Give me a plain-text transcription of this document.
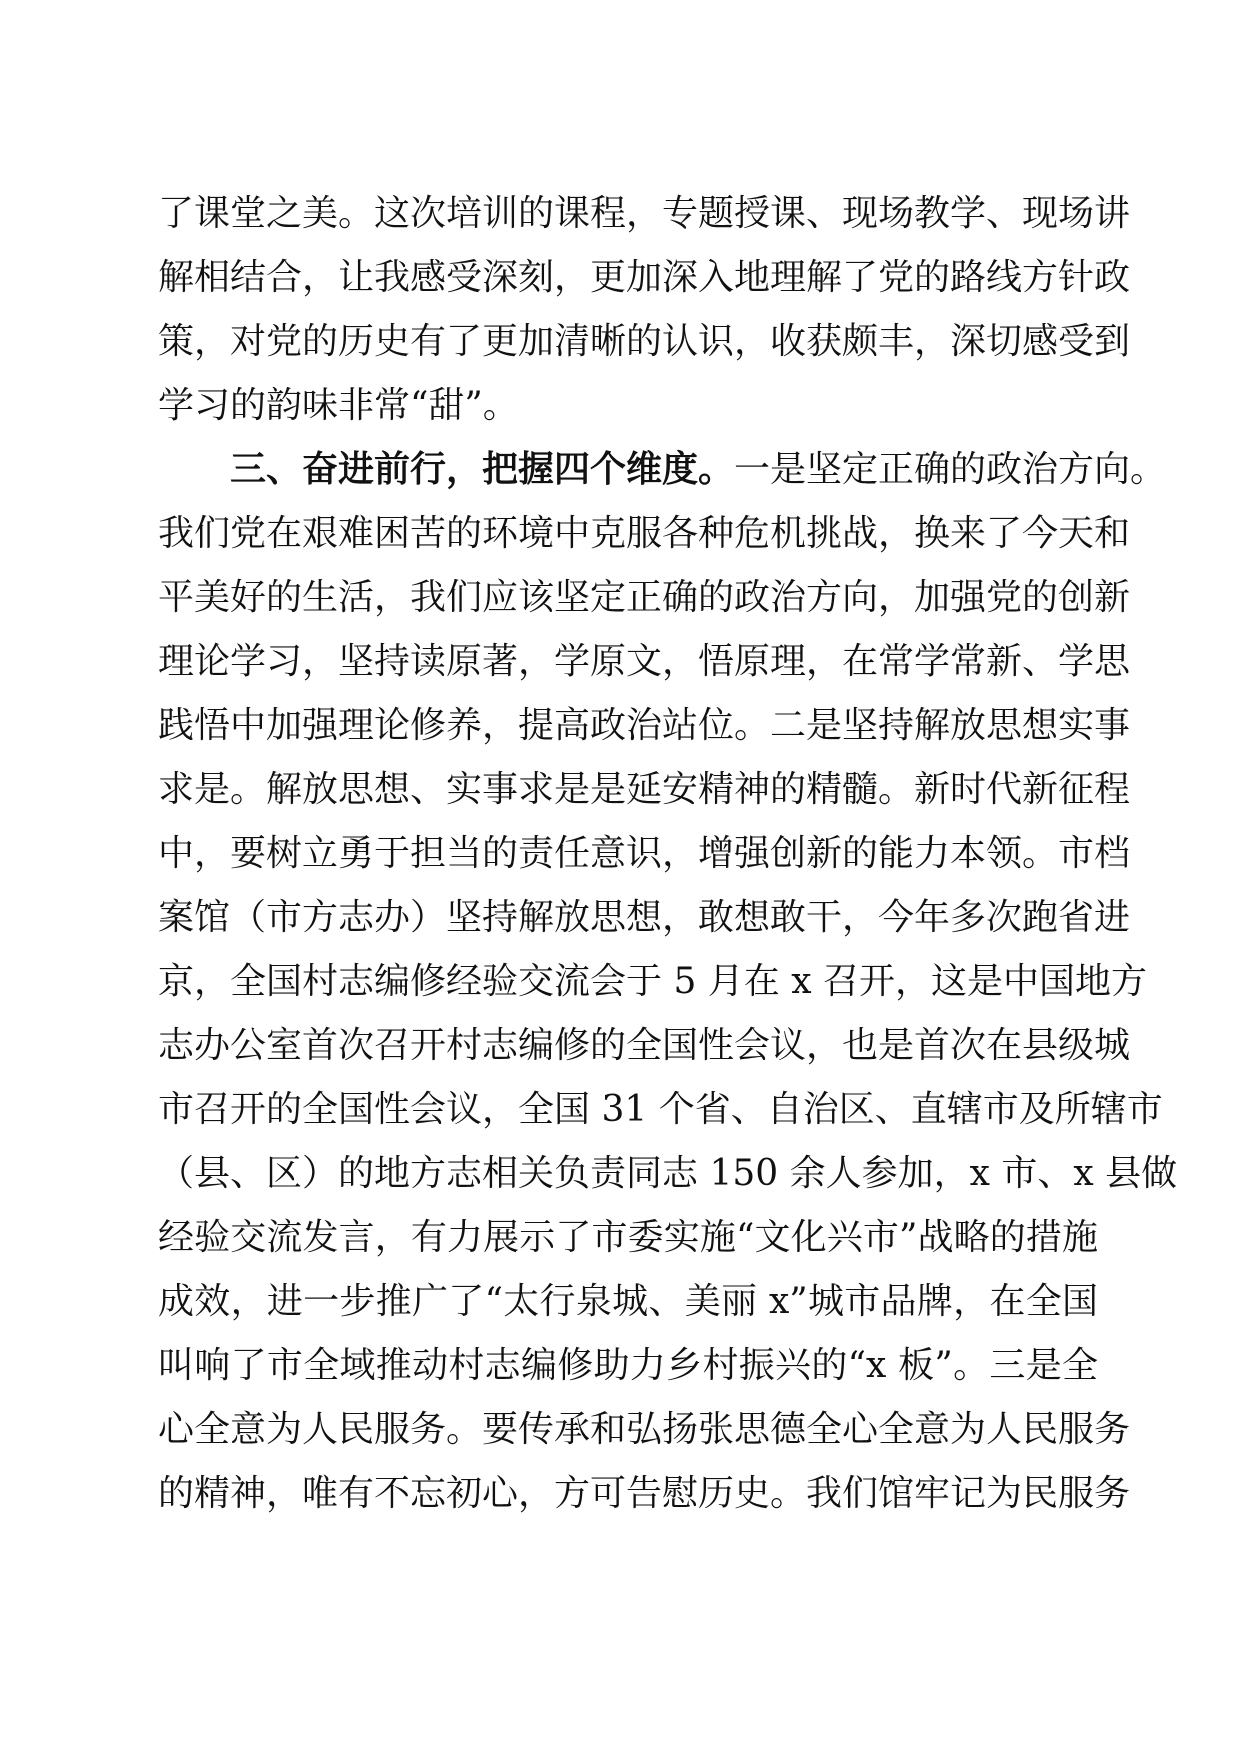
了课堂之美。这次培训的课程，专题授课、现场教学、现场讲
解相结合，让我感受深刻，更加深入地理解了党的路线方针政
策，对党的历史有了更加清晰的认识，收获颇丰，深切感受到
学习的韵味非常“甜”。
三、奋进前行，把握四个维度。一是坚定正确的政治方向。
我们党在艰难困苦的环境中克服各种危机挑战，换来了今天和
平美好的生活，我们应该坚定正确的政治方向，加强党的创新
理论学习，坚持读原著，学原文，悟原理，在常学常新、学思
践悟中加强理论修养，提高政治站位。二是坚持解放思想实事
求是。解放思想、实事求是是延安精神的精髓。新时代新征程
中，要树立勇于担当的责任意识，增强创新的能力本领。市档
案馆（市方志办）坚持解放思想，敢想敢干，今年多次跑省进
京，全国村志编修经验交流会于 5 月在 x 召开，这是中国地方
志办公室首次召开村志编修的全国性会议，也是首次在县级城
市召开的全国性会议，全国 31 个省、自治区、直辖市及所辖市
（县、区）的地方志相关负责同志 150 余人参加，x 市、x 县做
经验交流发言，有力展示了市委实施“文化兴市”战略的措施
成效，进一步推广了“太行泉城、美丽 x”城市品牌，在全国
叫响了市全域推动村志编修助力乡村振兴的“x 板”。三是全
心全意为人民服务。要传承和弘扬张思德全心全意为人民服务
的精神，唯有不忘初心，方可告慰历史。我们馆牢记为民服务
